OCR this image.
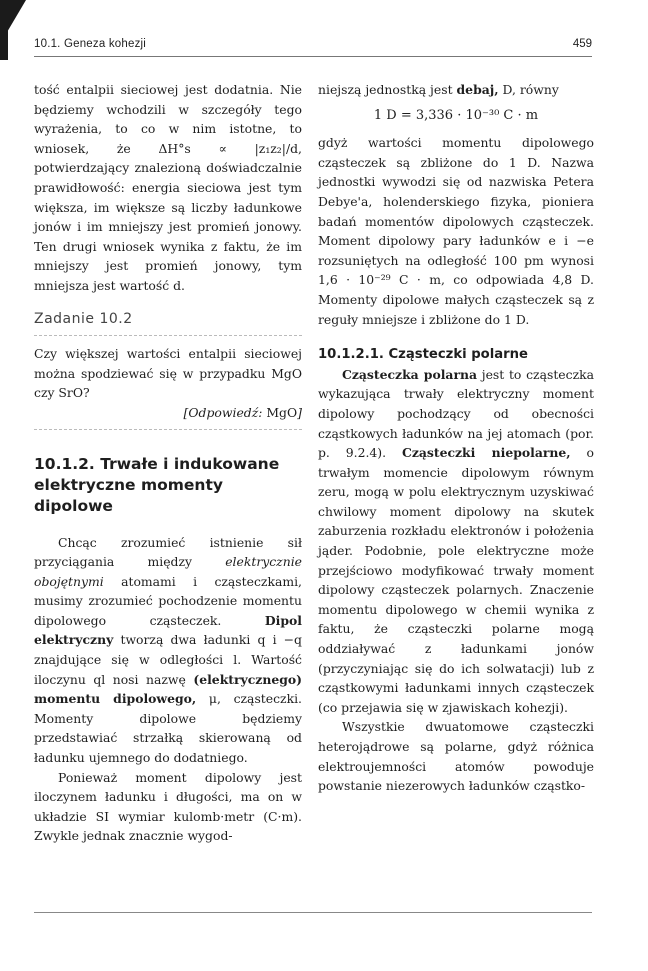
10.1. Geneza kohezji	459

tość entalpii sieciowej jest dodatnia. Nie będziemy wchodzili w szczegóły tego wyrażenia, to co w nim istotne, to wniosek, że ΔH°s ∝ |z₁z₂|/d, potwierdzający znalezioną doświadczalnie prawidłowość: energia sieciowa jest tym większa, im większe są liczby ładunkowe jonów i im mniejszy jest promień jonowy. Ten drugi wniosek wynika z faktu, że im mniejszy jest promień jonowy, tym mniejsza jest wartość d.

Zadanie 10.2

Czy większej wartości entalpii sieciowej można spodziewać się w przypadku MgO czy SrO?

[Odpowiedź: MgO]

10.1.2. Trwałe i indukowane elektryczne momenty dipolowe

Chcąc zrozumieć istnienie sił przyciągania między	elektrycznie obojętnymi atomami i cząsteczkami, musimy zrozumieć pochodzenie momentu dipolowego cząsteczek.	Dipol elektryczny tworzą dwa ładunki q i −q znajdujące się w odległości l. Wartość iloczynu ql nosi nazwę (elektrycznego) momentu dipolowego, μ, cząsteczki. Momenty dipolowe będziemy przedstawiać strzałką skierowaną od ładunku ujemnego do dodatniego.

Ponieważ moment dipolowy jest iloczynem ładunku i długości, ma on w układzie SI wymiar kulomb·metr (C·m). Zwykle jednak znacznie wygod-

niejszą jednostką jest debaj, D, równy

1 D = 3,336 · 10⁻³⁰ C · m

gdyż wartości momentu dipolowego cząsteczek są zbliżone do 1 D. Nazwa jednostki wywodzi się od nazwiska Petera Debye'a, holenderskiego fizyka, pioniera badań momentów dipolowych cząsteczek. Moment dipolowy pary ładunków e i −e rozsuniętych na odległość 100 pm wynosi 1,6 · 10⁻²⁹ C · m, co odpowiada 4,8 D. Momenty dipolowe małych cząsteczek są z reguły mniejsze i zbliżone do 1 D.

10.1.2.1. Cząsteczki polarne

Cząsteczka polarna jest to cząsteczka wykazująca trwały elektryczny moment dipolowy pochodzący od obecności cząstkowych ładunków na jej atomach (por. p. 9.2.4). Cząsteczki niepolarne, o trwałym momencie dipolowym równym zeru, mogą w polu elektrycznym uzyskiwać chwilowy moment dipolowy na skutek zaburzenia rozkładu elektronów i położenia jąder. Podobnie, pole elektryczne może przejściowo modyfikować trwały moment dipolowy cząsteczek polarnych. Znaczenie momentu dipolowego w chemii wynika z faktu, że cząsteczki polarne mogą oddziaływać z ładunkami jonów (przyczyniając się do ich solwatacji) lub z cząstkowymi ładunkami innych cząsteczek (co przejawia się w zjawiskach kohezji).

Wszystkie dwuatomowe cząsteczki heterojądrowe są polarne, gdyż różnica elektroujemności atomów powoduje powstanie niezerowych ładunków cząstko-
